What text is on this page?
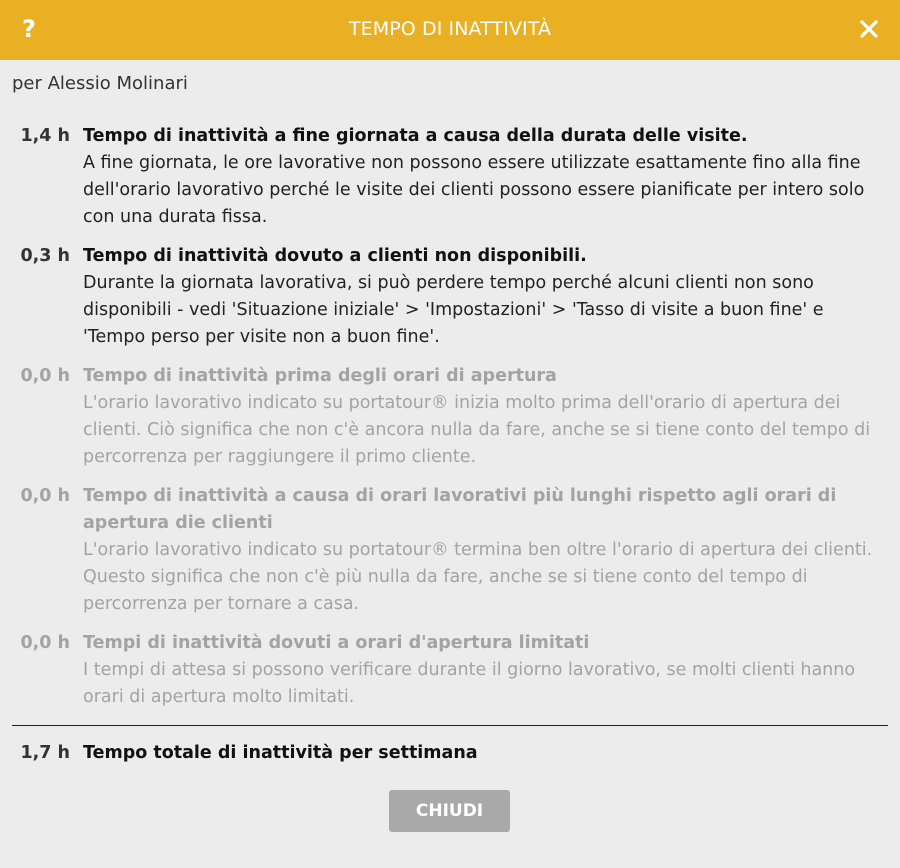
?	TEMPO DI INATTIVITÀ
per Alessio Molinari
1,4 h Tempo di inattività a fine giornata a causa della durata delle visite.
A fine giornata, le ore lavorative non possono essere utilizzate esattamente fino alla fine dell'orario lavorativo perché le visite dei clienti possono essere pianificate per intero solo con una durata fissa.
0,3 h Tempo di inattività dovuto a clienti non disponibili.
Durante la giornata lavorativa, si può perdere tempo perché alcuni clienti non sono disponibili - vedi 'Situazione iniziale' > 'Impostazioni' > 'Tasso di visite a buon fine' e 'Tempo perso per visite non a buon fine'.
0,0 h Tempo di inattività prima degli orari di apertura
L'orario lavorativo indicato su portatour® inizia molto prima dell'orario di apertura dei clienti. Ciò significa che non c'è ancora nulla da fare, anche se si tiene conto del tempo di percorrenza per raggiungere il primo cliente.
0,0 h Tempo di inattività a causa di orari lavorativi più lunghi rispetto agli orari di apertura die clienti
L'orario lavorativo indicato su portatour® termina ben oltre l'orario di apertura dei clienti. Questo significa che non c'è più nulla da fare, anche se si tiene conto del tempo di percorrenza per tornare a casa.
0,0 h Tempi di inattività dovuti a orari d'apertura limitati
I tempi di attesa si possono verificare durante il giorno lavorativo, se molti clienti hanno orari di apertura molto limitati.
1,7 h Tempo totale di inattività per settimana
CHIUDI
